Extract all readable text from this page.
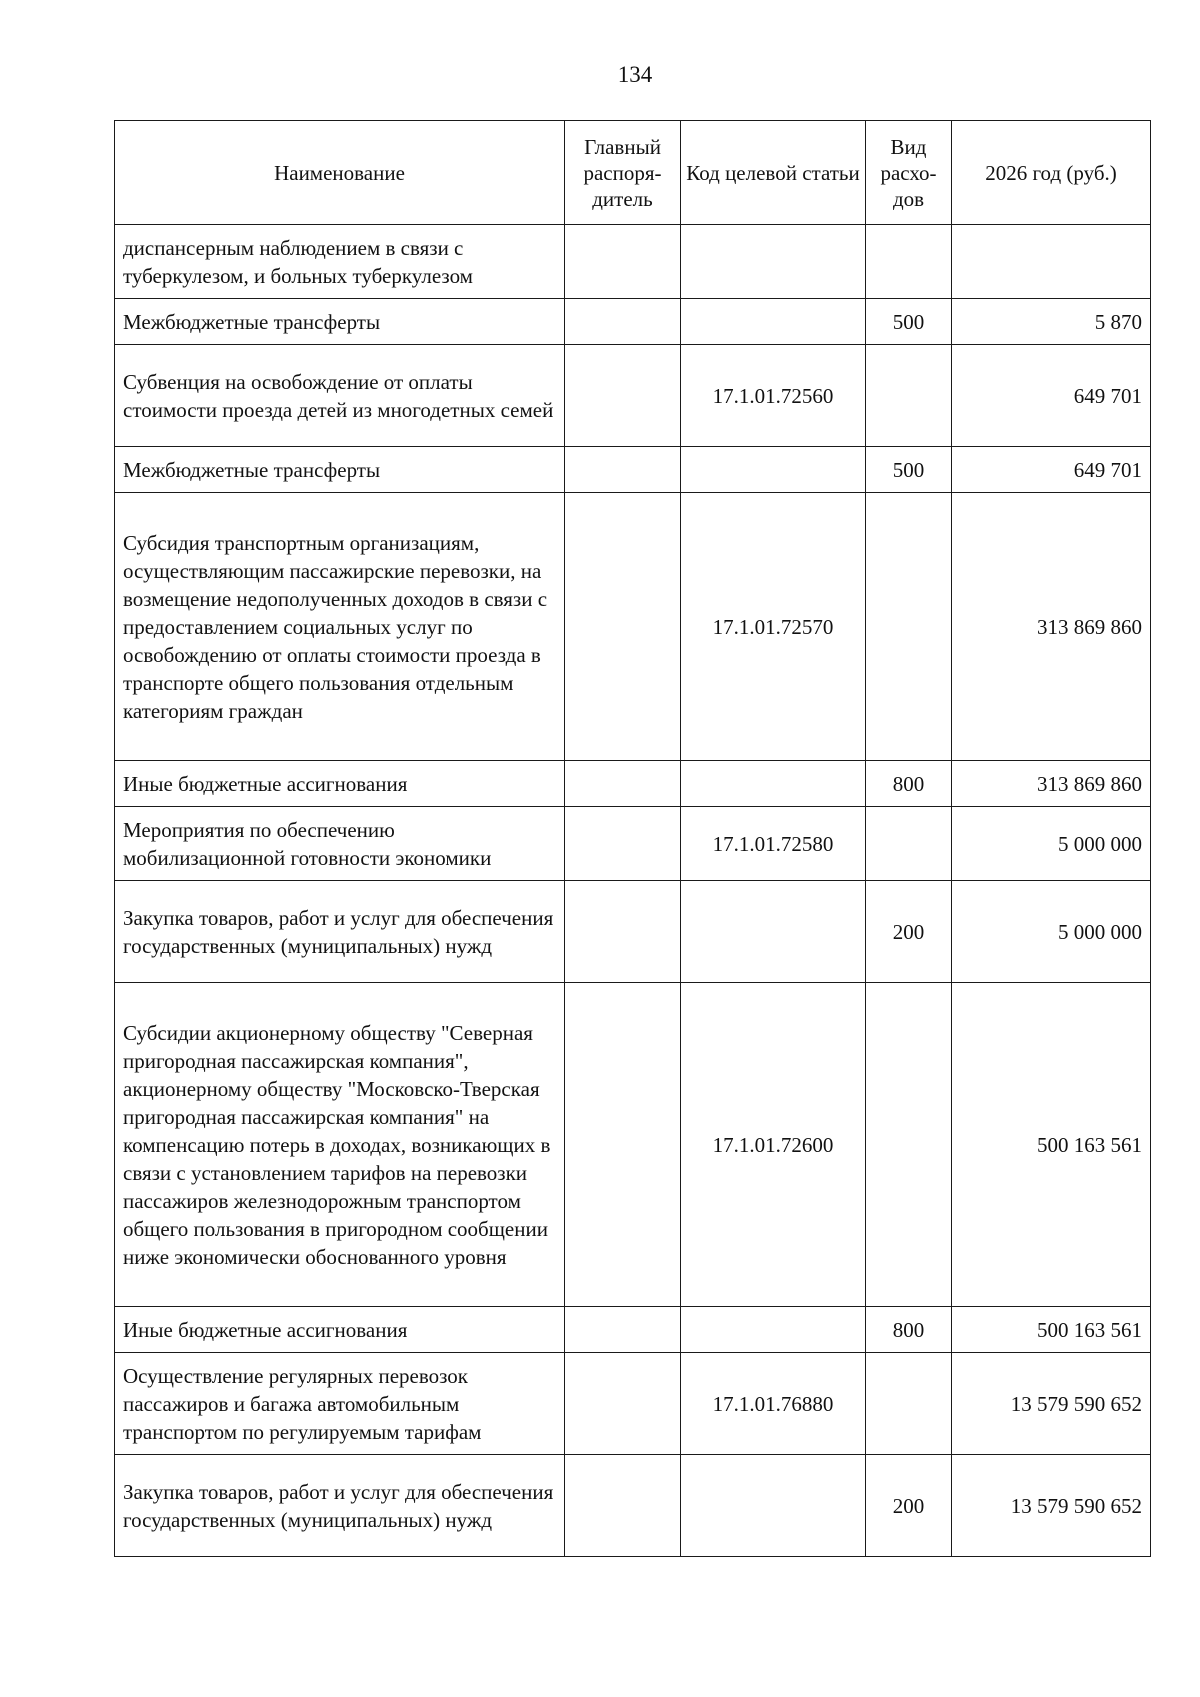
134
Наименование	Главный распоря-дитель	Код целевой статьи	Вид расхо-дов	2026 год (руб.)
диспансерным наблюдением в связи с туберкулезом, и больных туберкулезом				
Межбюджетные трансферты			500	5 870
Субвенция на освобождение от оплаты стоимости проезда детей из многодетных семей		17.1.01.72560		649 701
Межбюджетные трансферты			500	649 701
Субсидия транспортным организациям, осуществляющим пассажирские перевозки, на возмещение недополученных доходов в связи с предоставлением социальных услуг по освобождению от оплаты стоимости проезда в транспорте общего пользования отдельным категориям граждан		17.1.01.72570		313 869 860
Иные бюджетные ассигнования			800	313 869 860
Мероприятия по обеспечению мобилизационной готовности экономики		17.1.01.72580		5 000 000
Закупка товаров, работ и услуг для обеспечения государственных (муниципальных) нужд			200	5 000 000
Субсидии акционерному обществу "Северная пригородная пассажирская компания", акционерному обществу "Московско-Тверская пригородная пассажирская компания" на компенсацию потерь в доходах, возникающих в связи с установлением тарифов на перевозки пассажиров железнодорожным транспортом общего пользования в пригородном сообщении ниже экономически обоснованного уровня		17.1.01.72600		500 163 561
Иные бюджетные ассигнования			800	500 163 561
Осуществление регулярных перевозок пассажиров и багажа автомобильным транспортом по регулируемым тарифам		17.1.01.76880		13 579 590 652
Закупка товаров, работ и услуг для обеспечения государственных (муниципальных) нужд			200	13 579 590 652
